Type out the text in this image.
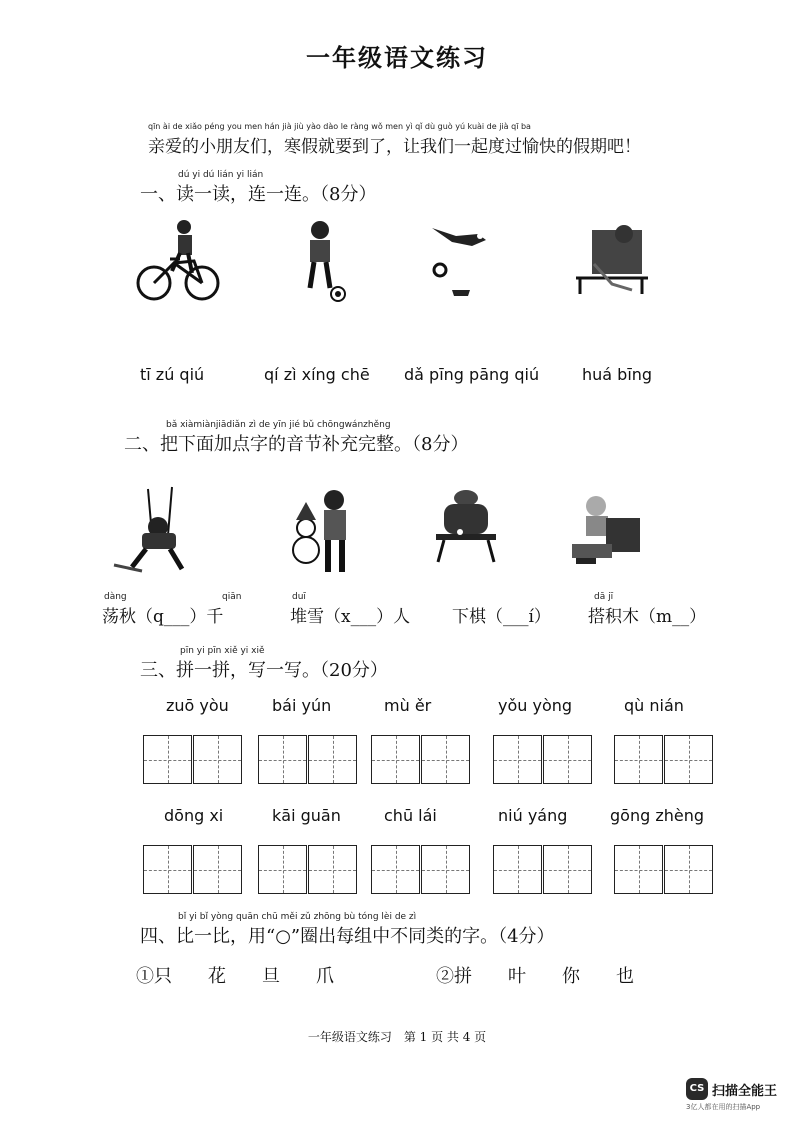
一年级语文练习
qīn ài de xiǎo péng you men hán jià jiù yào dào le ràng wǒ men yì qǐ dù guò yú kuài de jià qī ba
亲爱的小朋友们，寒假就要到了，让我们一起度过愉快的假期吧！
dú yi dú lián yi lián
一、读一读，连一连。（8分）
tī zú qiú	qí zì xíng chē dǎ pīng pāng qiú	huá bīng
bǎ xiàmiànjiādiǎn zì de yīn jié bǔ chōngwánzhěng
二、把下面加点字的音节补充完整。（8分）
dàng	qiān
荡秋（q___）千
duī
堆雪（x___）人 下棋（___í）
dā jī
搭积木（m__）
pīn yi pīn xiě yi xiě
三、拼一拼，写一写。（20分）
zuō yòu	bái yún	mù ěr	yǒu yòng	qù nián
dōng xi	kāi guān	chū lái	niú yáng	gōng zhèng
bǐ yi bǐ yòng quān chū měi zǔ zhōng bù tóng lèi de zì
四、比一比，用“○”圈出每组中不同类的字。（4分）
①只　　花　　旦　　爪	②拼　　叶　　你　　也
一年级语文练习　第 1 页 共 4 页
CS 扫描全能王
3亿人都在用的扫描App
